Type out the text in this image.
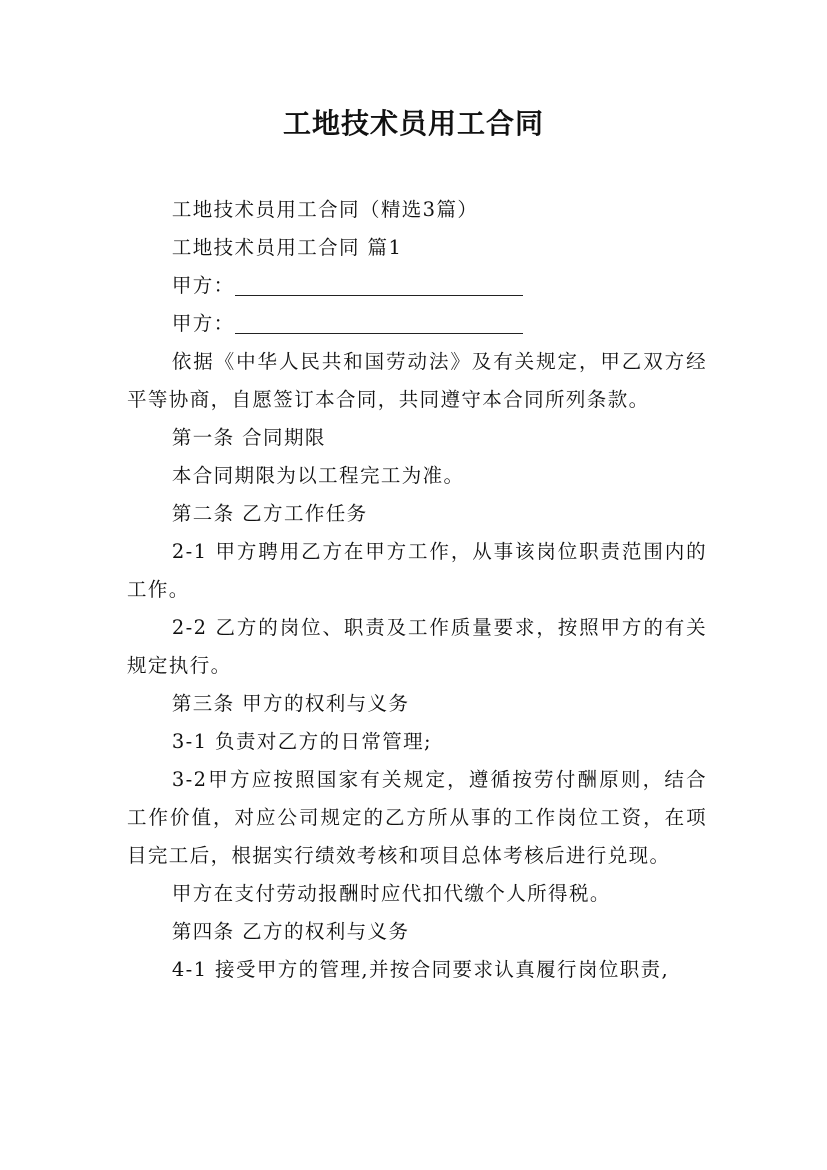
工地技术员用工合同

工地技术员用工合同（精选3篇）

工地技术员用工合同 篇1

甲方：

甲方：

依据《中华人民共和国劳动法》及有关规定，甲乙双方经平等协商，自愿签订本合同，共同遵守本合同所列条款。

第一条 合同期限

本合同期限为以工程完工为准。

第二条 乙方工作任务

2-1 甲方聘用乙方在甲方工作，从事该岗位职责范围内的工作。

2-2 乙方的岗位、职责及工作质量要求，按照甲方的有关规定执行。

第三条 甲方的权利与义务

3-1 负责对乙方的日常管理;

3-2甲方应按照国家有关规定，遵循按劳付酬原则，结合工作价值，对应公司规定的乙方所从事的工作岗位工资，在项目完工后，根据实行绩效考核和项目总体考核后进行兑现。

甲方在支付劳动报酬时应代扣代缴个人所得税。

第四条 乙方的权利与义务

4-1 接受甲方的管理,并按合同要求认真履行岗位职责,
